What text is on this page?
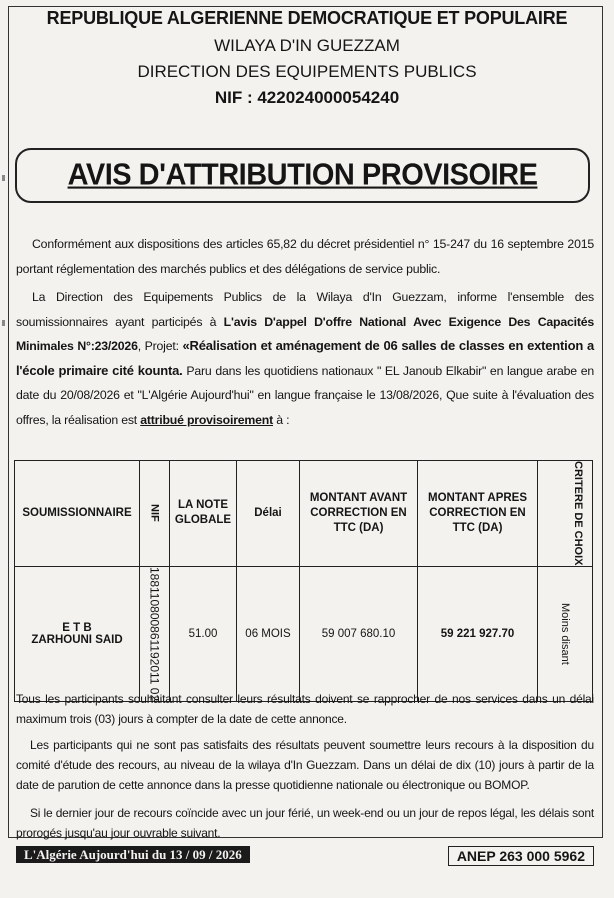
REPUBLIQUE ALGERIENNE DEMOCRATIQUE ET POPULAIRE
WILAYA D'IN GUEZZAM
DIRECTION DES EQUIPEMENTS PUBLICS
NIF : 422024000054240
AVIS D'ATTRIBUTION PROVISOIRE
Conformément aux dispositions des articles 65,82 du décret présidentiel n° 15-247 du 16 septembre 2015 portant réglementation des marchés publics et des délégations de service public.
La Direction des Equipements Publics de la Wilaya d'In Guezzam, informe l'ensemble des soumissionnaires ayant participés à L'avis D'appel D'offre National Avec Exigence Des Capacités Minimales N°:23/2026, Projet: «Réalisation et aménagement de 06 salles de classes en extention a l'école primaire cité kounta. Paru dans les quotidiens nationaux " EL Janoub Elkabir" en langue arabe en date du 20/08/2026 et "L'Algérie Aujourd'hui" en langue française le 13/08/2026, Que suite à l'évaluation des offres, la réalisation est attribué provisoirement à :
SOUMISSIONNAIRE	NIF	LA NOTE GLOBALE	Délai	MONTANT AVANT CORRECTION EN TTC (DA)	MONTANT APRES CORRECTION EN TTC (DA)	CRITERE DE CHOIX

E T B
ZARHOUNI SAID	188110800861192011 02	51.00	06 MOIS	59 007 680.10	59 221 927.70	Moins disant
Tous les participants souhaitant consulter leurs résultats doivent se rapprocher de nos services dans un délai maximum trois (03) jours à compter de la date de cette annonce.
Les participants qui ne sont pas satisfaits des résultats peuvent soumettre leurs recours à la disposition du comité d'étude des recours, au niveau de la wilaya d'In Guezzam. Dans un délai de dix (10) jours à partir de la date de parution de cette annonce dans la presse quotidienne nationale ou électronique ou BOMOP.
Si le dernier jour de recours coïncide avec un jour férié, un week-end ou un jour de repos légal, les délais sont prorogés jusqu'au jour ouvrable suivant.
L'Algérie Aujourd'hui du 13 / 09 / 2026	ANEP 263 000 5962
